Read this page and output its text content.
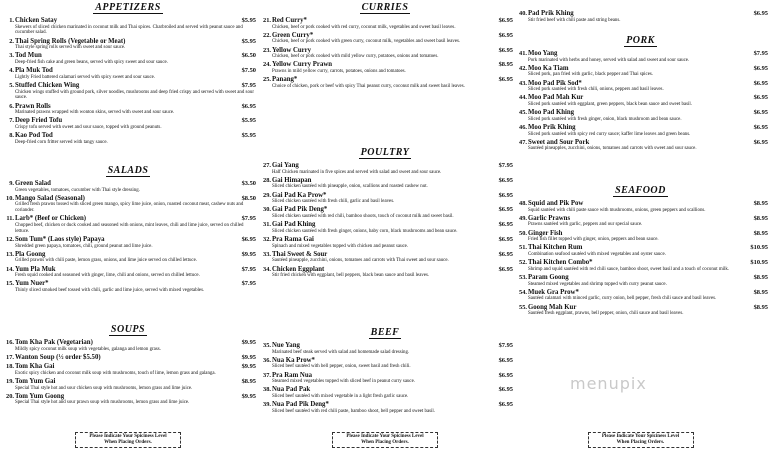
APPETIZERS
1. Chicken Satay	$5.95
Skewers of sliced chicken marinated in coconut milk and Thai spices. Charbroiled and served with peanut sauce and cucumber salad.
2. Thai Spring Rolls (Vegetable or Meat)	$5.95
Thai style spring rolls served with sweet and sour sauce.
3. Tod Mun	$6.50
Deep-fried fish cake and green beans, served with spicy sweet and sour sauce.
4. Pla Muk Tod	$7.50
Lightly Fried battered calamari served with spicy sweet and sour sauce.
5. Stuffed Chicken Wing	$7.95
Chicken wings stuffed with ground pork, silver noodles, mushrooms and deep fried crispy and served with sweet and sour sauce.
6. Prawn Rolls	$6.95
Marinated prawns wrapped with wonton skins, served with sweet and sour sauce.
7. Deep Fried Tofu	$5.95
Crispy tofu served with sweet and sour sauce, topped with ground peanuts.
8. Kao Pod Tod	$5.95
Deep-fried corn fritter served with tangy sauce.
SALADS
9. Green Salad	$3.50
Green vegetables, tomatoes, cucumber with Thai style dressing.
10. Mango Salad (Seasonal)	$8.50
Grilled fresh prawns tossed with sliced green mango, spicy lime juice, onion, roasted coconut meat, cashew nuts and coriander.
11. Larb* (Beef or Chicken)	$7.95
Chopped beef, chicken or duck cooked and seasoned with onions, mint leaves, chili and lime juice, served on chilled lettuce.
12. Som Tum* (Laos style) Papaya	$6.95
Shredded green papaya, tomatoes, chili, ground peanut and lime juice.
13. Pla Goong	$9.95
Grilled prawns with chili paste, lemon grass, onions, and lime juice served on chilled lettuce.
14. Yum Pla Muk	$7.95
Fresh squid cooked and seasoned with ginger, lime, chili and onions, served on chilled lettuce.
15. Yum Nuer*	$7.95
Thinly sliced smoked beef tossed with chili, garlic and lime juice, served with mixed vegetables.
SOUPS
16. Tom Kha Pak (Vegetarian)	$9.95
Mildly spicy coconut milk soup with vegetables, galanga and lemon grass.
17. Wanton Soup (½ order $5.50)	$9.95
18. Tom Kha Gai	$9.95
Exotic spicy chicken and coconut milk soup with mushrooms, touch of lime, lemon grass and galanga.
19. Tom Yum Gai	$8.95
Special Thai style hot and sour chicken soup with mushrooms, lemon grass and lime juice.
20. Tom Yum Goong	$9.95
Special Thai style hot and sour prawn soup with mushrooms, lemon grass and lime juice.
Please Indicate Your Spiciness Level
When Placing Orders.
CURRIES
21. Red Curry*	$6.95
Chicken, beef or pork cooked with red curry, coconut milk, vegetables and sweet basil leaves.
22. Green Curry*	$6.95
Chicken, beef or pork cooked with green curry, coconut milk, vegetables and sweet basil leaves.
23. Yellow Curry	$6.95
Chicken, beef or pork cooked with mild yellow curry, potatoes, onions and tomatoes.
24. Yellow Curry Prawn	$8.95
Prawns in mild yellow curry, carrots, potatoes, onions and tomatoes.
25. Panang*	$6.95
Choice of chicken, pork or beef with spicy Thai peanut curry, coconut milk and sweet basil leaves.
POULTRY
27. Gai Yang	$7.95
Half Chicken marinated in five spices and served with salad and sweet and sour sauce.
28. Gai Himapan	$6.95
Sliced chicken sautéed with pineapple, onion, scallions and roasted cashew nut.
29. Gai Pad Ka Prow*	$6.95
Sliced chicken sautéed with fresh chili, garlic and basil leaves.
30. Gai Pad Pik Deng*	$6.95
Sliced chicken sautéed with red chili, bamboo shoots, touch of coconut milk and sweet basil.
31. Gai Pad Khing	$6.95
Sliced chicken sautéed with fresh ginger, onions, baby corn, black mushrooms and bean sauce.
32. Pra Rama Gai	$6.95
Spinach and mixed vegetables topped with chicken and peanut sauce.
33. Thai Sweet & Sour	$6.95
Sautéed pineapple, zucchini, onions, tomatoes and carrots with Thai sweet and sour sauce.
34. Chicken Eggplant	$6.95
Stir fried chicken with eggplant, bell peppers, black bean sauce and basil leaves.
BEEF
35. Nue Yang	$7.95
Marinated beef steak served with salad and homemade salad dressing.
36. Nua Ka Prow*	$6.95
Sliced beef sautéed with bell pepper, onion, sweet basil and fresh chili.
37. Pra Ram Nua	$6.95
Steamed mixed vegetables topped with sliced beef in peanut curry sauce.
38. Nua Pad Pak	$6.95
Sliced beef sautéed with mixed vegetable in a light fresh garlic sauce.
39. Nua Pad Pik Deng*	$6.95
Sliced beef sautéed with red chili paste, bamboo shoot, bell pepper and sweet basil.
Please Indicate Your Spiciness Level
When Placing Orders.
40. Pad Prik Khing	$6.95
Stir fried beef with chili paste and string beans.
PORK
41. Moo Yang	$7.95
Pork marinated with herbs and honey, served with salad and sweet and sour sauce.
42. Moo Ka Tiam	$6.95
Sliced pork, pan fried with garlic, black pepper and Thai spices.
43. Moo Pad Pik Sod*	$6.95
Sliced pork sautéed with fresh chili, onions, peppers and basil leaves.
44. Moo Pad Mah Kur	$6.95
Sliced pork sautéed with eggplant, green peppers, black bean sauce and sweet basil.
45. Moo Pad Khing	$6.95
Sliced pork sautéed with fresh ginger, onion, black mushroom and bean sauce.
46. Moo Prik Khing	$6.95
Sliced pork sautéed with spicy red curry sauce; kaffer lime leaves and green beans.
47. Sweet and Sour Pork	$6.95
Sautéed pineapples, zucchini, onions, tomatoes and carrots with sweet and sour sauce.
SEAFOOD
48. Squid and Pik Pow	$8.95
Squid sautéed with chili paste sauce with mushrooms, onions, green peppers and scallions.
49. Garlic Prawns	$8.95
Prawns sautéed with garlic, peppers and our special sauce.
50. Ginger Fish	$8.95
Fried fish fillet topped with ginger, onion, peppers and bean sauce.
51. Thai Kitchen Rum	$10.95
Combination seafood sautéed with mixed vegetables and oyster sauce.
52. Thai Kitchen Combo*	$10.95
Shrimp and squid sautéed with red chili sauce, bamboo shoot, sweet basil and a touch of coconut milk.
53. Param Goong	$8.95
Steamed mixed vegetables and shrimp topped with curry peanut sauce.
54. Muek Gra Prow*	$8.95
Sautéed calamari with minced garlic, curry onion, bell pepper, fresh chili sauce and basil leaves.
55. Goong Mah Kur	$8.95
Sautéed fresh eggplant, prawns, bell pepper, onion, chili sauce and basil leaves.
Please Indicate Your Spiciness Level
When Placing Orders.
menupix
